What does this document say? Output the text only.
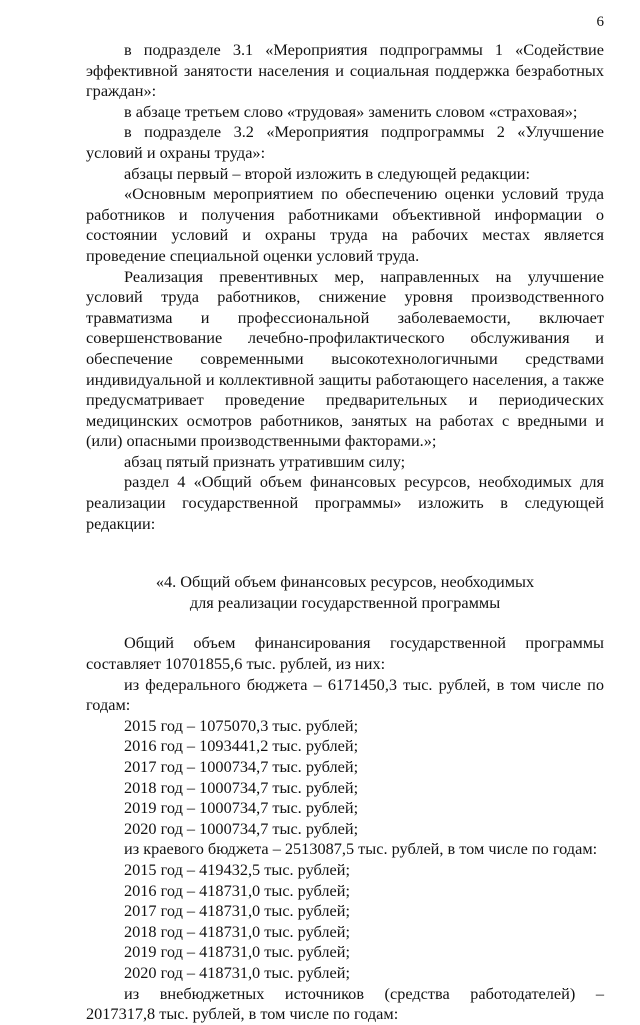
6

в подразделе 3.1 «Мероприятия подпрограммы 1 «Содействие эффективной занятости населения и социальная поддержка безработных граждан»:

в абзаце третьем слово «трудовая» заменить словом «страховая»;

в подразделе 3.2 «Мероприятия подпрограммы 2 «Улучшение условий и охраны труда»:

абзацы первый – второй изложить в следующей редакции:

«Основным мероприятием по обеспечению оценки условий труда работников и получения работниками объективной информации о состоянии условий и охраны труда на рабочих местах является проведение специальной оценки условий труда.

Реализация превентивных мер, направленных на улучшение условий труда работников, снижение уровня производственного травматизма и профессиональной заболеваемости, включает совершенствование лечебно-профилактического обслуживания и обеспечение современными высокотехнологичными средствами индивидуальной и коллективной защиты работающего населения, а также предусматривает проведение предварительных и периодических медицинских осмотров работников, занятых на работах с вредными и (или) опасными производственными факторами.»;

абзац пятый признать утратившим силу;

раздел 4 «Общий объем финансовых ресурсов, необходимых для реализации государственной программы» изложить в следующей редакции:

«4. Общий объем финансовых ресурсов, необходимых
для реализации государственной программы

Общий объем финансирования государственной программы составляет 10701855,6 тыс. рублей, из них:

из федерального бюджета – 6171450,3 тыс. рублей, в том числе по годам:

2015 год – 1075070,3 тыс. рублей;
2016 год – 1093441,2 тыс. рублей;
2017 год – 1000734,7 тыс. рублей;
2018 год – 1000734,7 тыс. рублей;
2019 год – 1000734,7 тыс. рублей;
2020 год – 1000734,7 тыс. рублей;
из краевого бюджета – 2513087,5 тыс. рублей, в том числе по годам:
2015 год – 419432,5 тыс. рублей;
2016 год – 418731,0 тыс. рублей;
2017 год – 418731,0 тыс. рублей;
2018 год – 418731,0 тыс. рублей;
2019 год – 418731,0 тыс. рублей;
2020 год – 418731,0 тыс. рублей;
из внебюджетных источников (средства работодателей) –
2017317,8 тыс. рублей, в том числе по годам:
